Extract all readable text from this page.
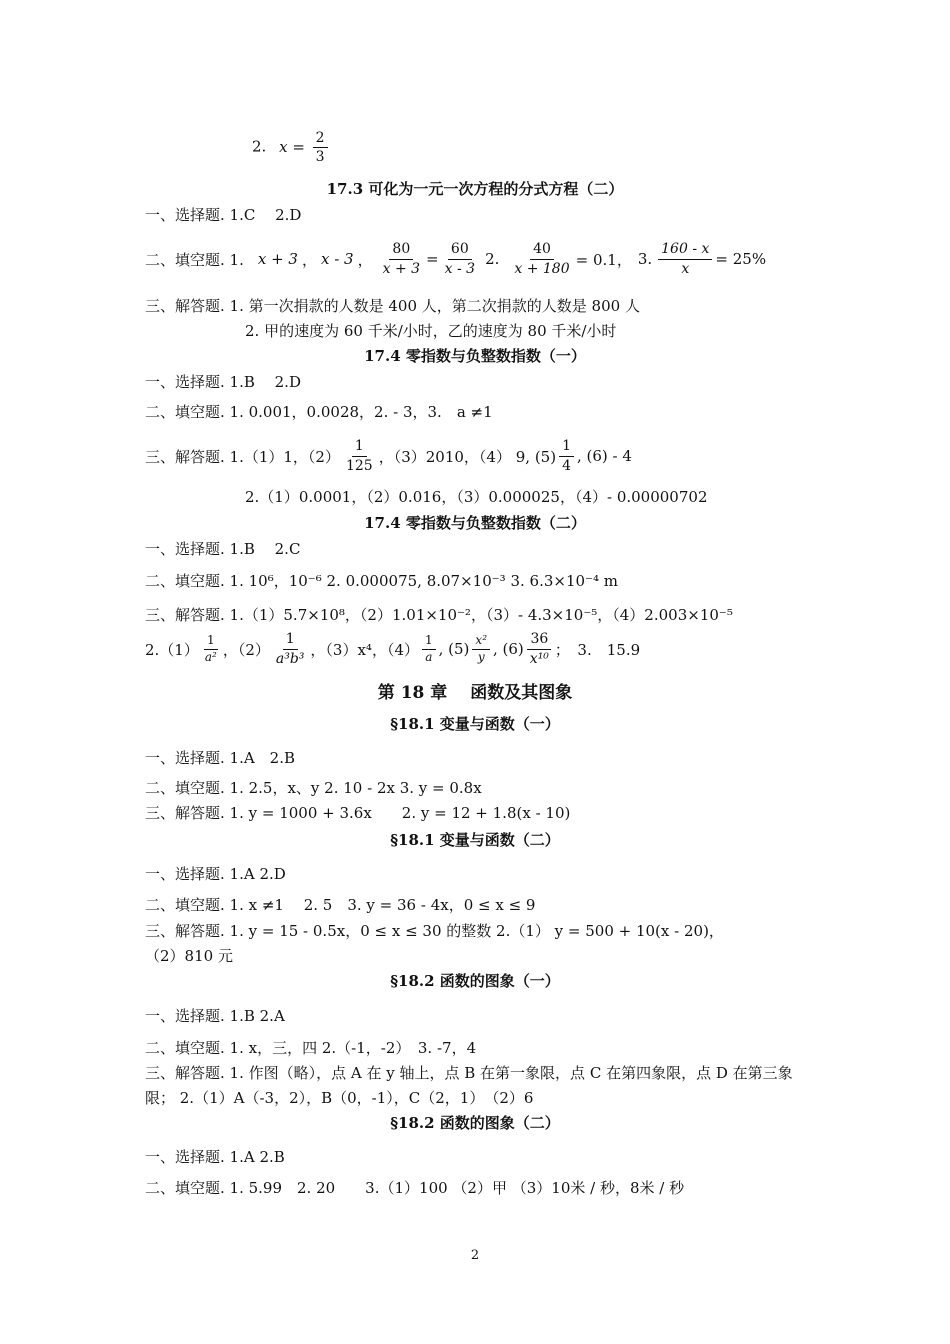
2. $x = \frac{2}{3}$
17.3 可化为一元一次方程的分式方程（二）
一、选择题. 1.C　 2.D
二、填空题. 1. x + 3 ， x - 3 ， $\frac{80}{x + 3} = \frac{60}{x - 3} 2$. $\frac{40}{x + 180} = 0.1$， 3. $\frac{160 - x}{x} = 25\%$
三、解答题. 1. 第一次捐款的人数是 400 人，第二次捐款的人数是 800 人
2. 甲的速度为 60 千米/小时，乙的速度为 80 千米/小时
17.4 零指数与负整数指数（一）
一、选择题. 1.B　 2.D
二、填空题. 1. 0.001，0.0028，2. - 3，3.　a ≠1
三、解答题. 1.（1）1，$(2) \frac{1}{125}$ ，（3）2010，（4） 9, $(5) \frac{1}{4}$ , (6) - 4
2.（1）0.0001，（2）0.016，（3）0.000025，（4）- 0.00000702
17.4 零指数与负整数指数（二）
一、选择题. 1.B　 2.C
二、填空题. 1. 10⁶，10⁻⁶ 2. 0.000075, 8.07×10⁻³ 3. 6.3×10⁻⁴ m
三、解答题. 1.（1）5.7×10⁸，（2）1.01×10⁻²，（3）- 4.3×10⁻⁵，（4）2.003×10⁻⁵
$2.(1) \frac{1}{\text{a²}}$ ，$(2) \frac{1}{\text{a³b³}}$ ，（3）x⁴，$(4) \frac{1}{a}$ , $(5) \frac{\text{x²}}{y}$ , $(6) \frac{36}{\text{x¹⁰}}$ ；　3.　15.9
第 18 章　 函数及其图象
§18.1 变量与函数（一）
一、选择题. 1.A　2.B
二、填空题. 1. 2.5，x、y 2. 10 - 2x 3. y = 0.8x
三、解答题. 1. y = 1000 + 3.6x　　2. y = 12 + 1.8(x - 10)
§18.1 变量与函数（二）
一、选择题. 1.A 2.D
二、填空题. 1. x ≠1　 2. 5　3. y = 36 - 4x，0 ≤ x ≤ 9
三、解答题. 1. y = 15 - 0.5x，0 ≤ x ≤ 30 的整数 2.（1） y = 500 + 10(x - 20)，
（2）810 元
§18.2 函数的图象（一）
一、选择题. 1.B 2.A
二、填空题. 1. x，三，四 2.（-1，-2）　3. -7，4
三、解答题. 1. 作图（略），点 A 在 y 轴上，点 B 在第一象限，点 C 在第四象限，点 D 在第三象
限； 2.（1）A（-3，2），B（0，-1），C（2，1）　（2）6
§18.2 函数的图象（二）
一、选择题. 1.A 2.B
二、填空题. 1. 5.99　2. 20　　3.（1）100 （2）甲 （3）10米 / 秒，8米 / 秒
2
